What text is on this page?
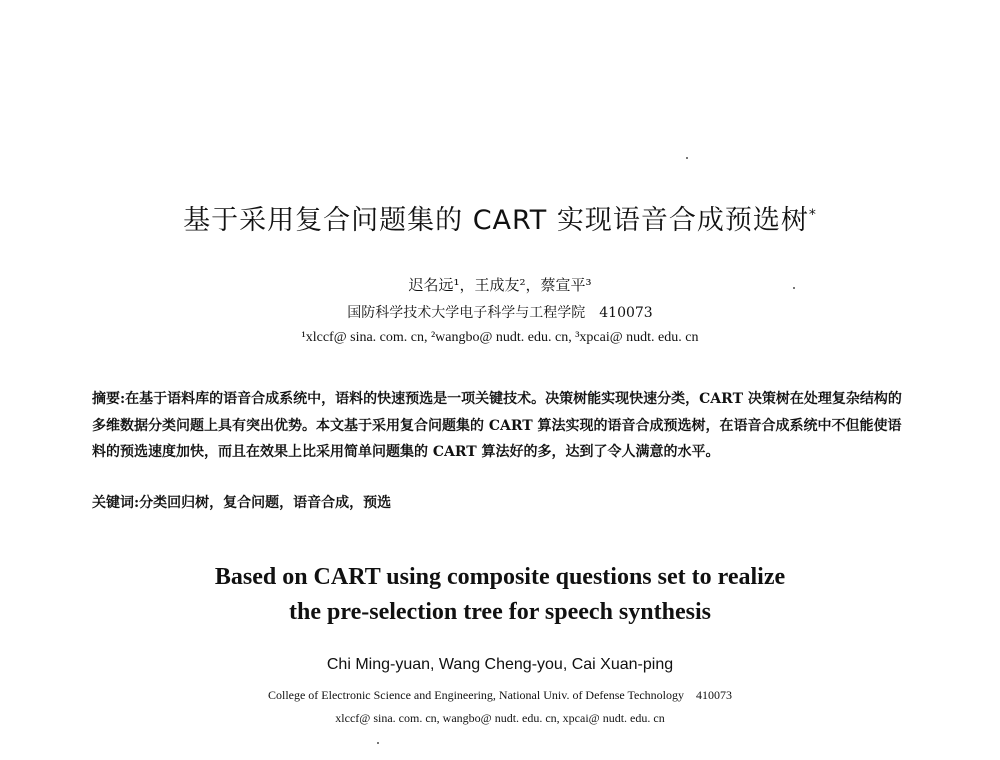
基于采用复合问题集的 CART 实现语音合成预选树*
迟名远¹，王成友²，蔡宣平³
国防科学技术大学电子科学与工程学院　410073
¹xlccf@ sina. com. cn, ²wangbo@ nudt. edu. cn, ³xpcai@ nudt. edu. cn
摘要:在基于语料库的语音合成系统中，语料的快速预选是一项关键技术。决策树能实现快速分类，CART 决策树在处理复杂结构的多维数据分类问题上具有突出优势。本文基于采用复合问题集的 CART 算法实现的语音合成预选树，在语音合成系统中不但能使语料的预选速度加快，而且在效果上比采用简单问题集的 CART 算法好的多，达到了令人满意的水平。
关键词:分类回归树，复合问题，语音合成，预选
Based on CART using composite questions set to realize
the pre-selection tree for speech synthesis
Chi Ming-yuan, Wang Cheng-you, Cai Xuan-ping
College of Electronic Science and Engineering, National Univ. of Defense Technology　410073
xlccf@ sina. com. cn, wangbo@ nudt. edu. cn, xpcai@ nudt. edu. cn
